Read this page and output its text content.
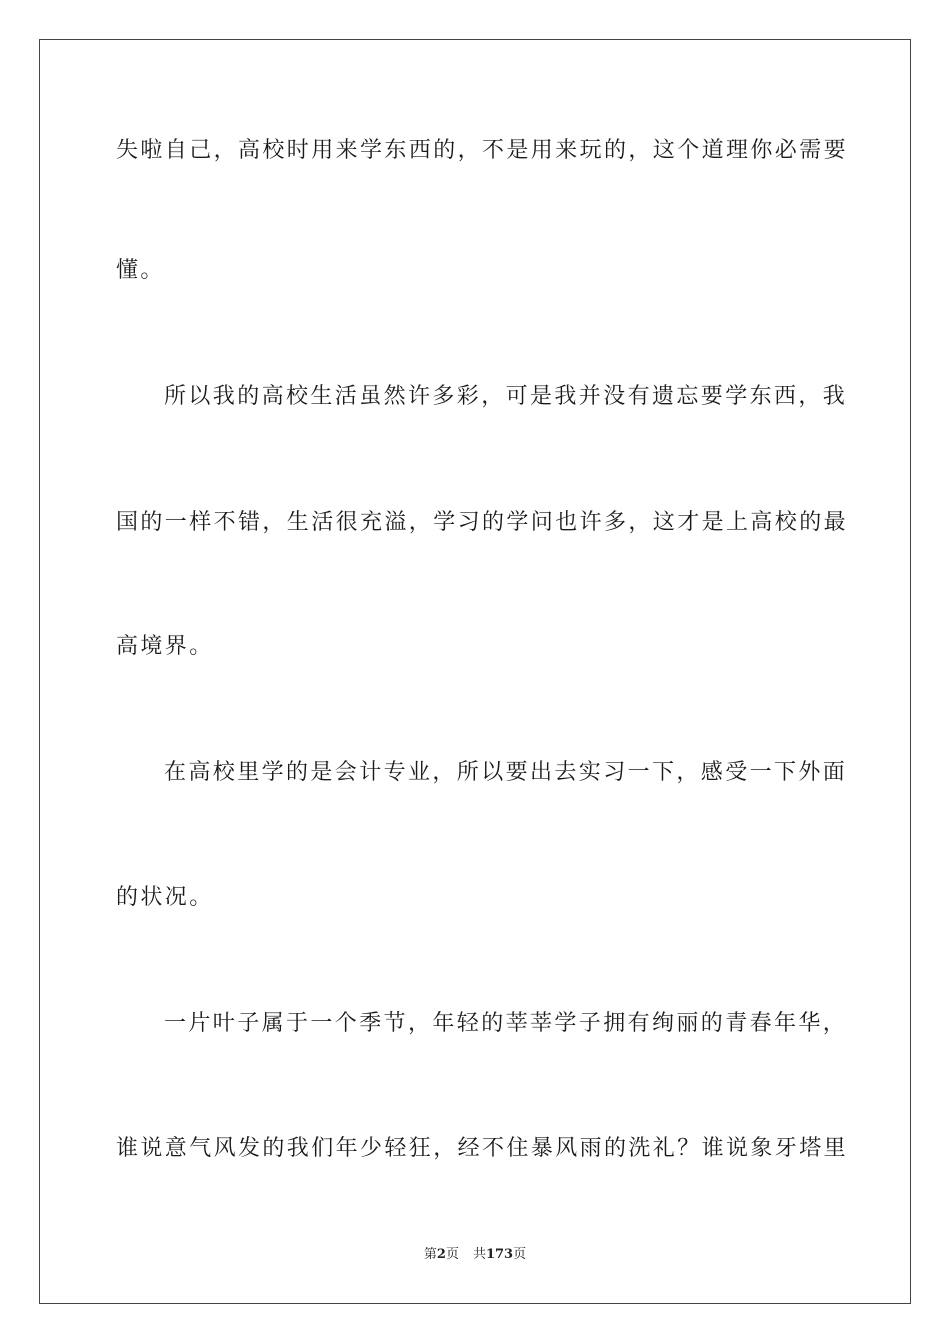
失啦自己，高校时用来学东西的，不是用来玩的，这个道理你必需要
懂。
所以我的高校生活虽然许多彩，可是我并没有遗忘要学东西，我
国的一样不错，生活很充溢，学习的学问也许多，这才是上高校的最
高境界。
在高校里学的是会计专业，所以要出去实习一下，感受一下外面
的状况。
一片叶子属于一个季节，年轻的莘莘学子拥有绚丽的青春年华，
谁说意气风发的我们年少轻狂，经不住暴风雨的洗礼？谁说象牙塔里
第2页 共173页
